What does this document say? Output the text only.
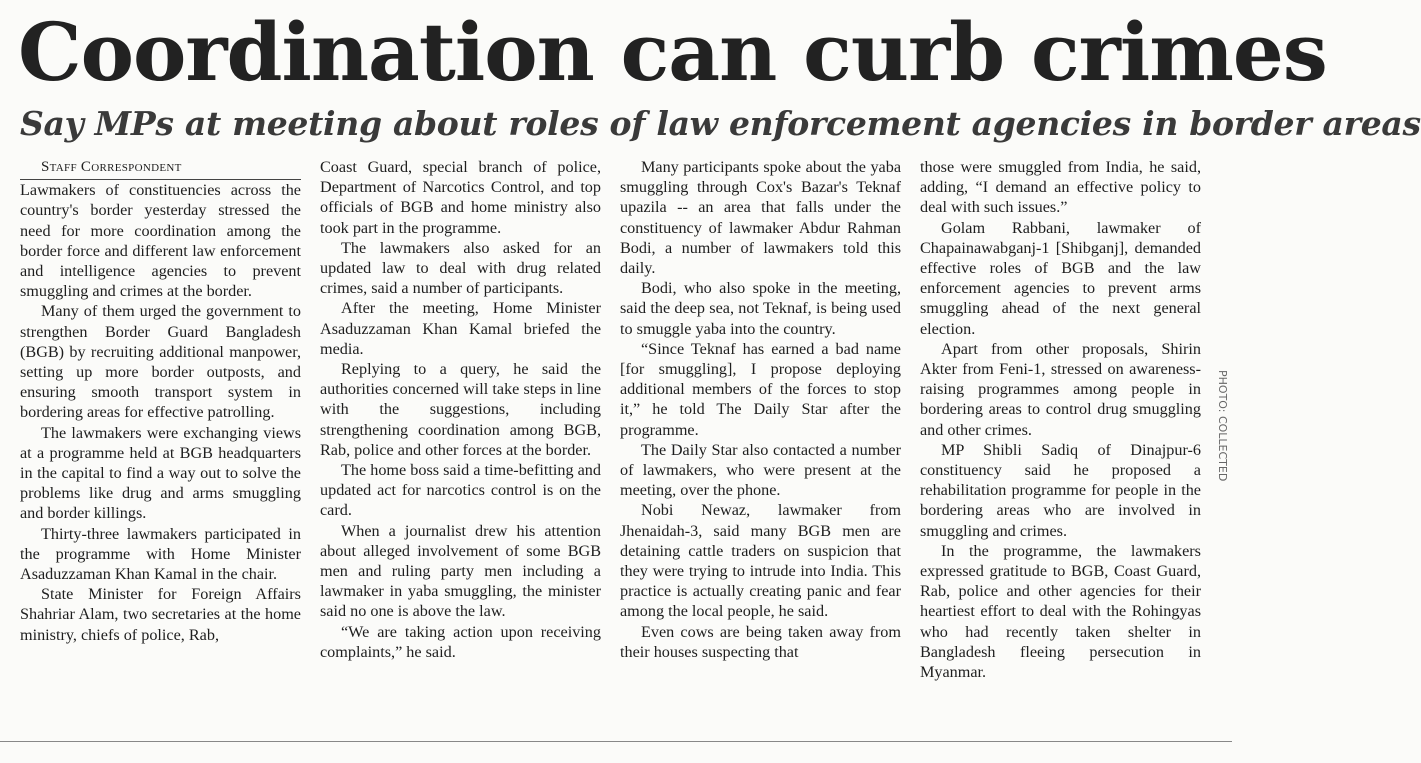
Coordination can curb crimes
Say MPs at meeting about roles of law enforcement agencies in border areas

Staff Correspondent

Lawmakers of constituencies across the country's border yesterday stressed the need for more coordination among the border force and different law enforcement and intelligence agencies to prevent smuggling and crimes at the border.

Many of them urged the government to strengthen Border Guard Bangladesh (BGB) by recruiting additional manpower, setting up more border outposts, and ensuring smooth transport system in bordering areas for effective patrolling.

The lawmakers were exchanging views at a programme held at BGB headquarters in the capital to find a way out to solve the problems like drug and arms smuggling and border killings.

Thirty-three lawmakers participated in the programme with Home Minister Asaduzzaman Khan Kamal in the chair.

State Minister for Foreign Affairs Shahriar Alam, two secretaries at the home ministry, chiefs of police, Rab,

Coast Guard, special branch of police, Department of Narcotics Control, and top officials of BGB and home ministry also took part in the programme.

The lawmakers also asked for an updated law to deal with drug related crimes, said a number of participants.

After the meeting, Home Minister Asaduzzaman Khan Kamal briefed the media.

Replying to a query, he said the authorities concerned will take steps in line with the suggestions, including strengthening coordination among BGB, Rab, police and other forces at the border.

The home boss said a time-befitting and updated act for narcotics control is on the card.

When a journalist drew his attention about alleged involvement of some BGB men and ruling party men including a lawmaker in yaba smuggling, the minister said no one is above the law.

“We are taking action upon receiving complaints,” he said.

Many participants spoke about the yaba smuggling through Cox's Bazar's Teknaf upazila -- an area that falls under the constituency of lawmaker Abdur Rahman Bodi, a number of lawmakers told this daily.

Bodi, who also spoke in the meeting, said the deep sea, not Teknaf, is being used to smuggle yaba into the country.

“Since Teknaf has earned a bad name [for smuggling], I propose deploying additional members of the forces to stop it,” he told The Daily Star after the programme.

The Daily Star also contacted a number of lawmakers, who were present at the meeting, over the phone.

Nobi Newaz, lawmaker from Jhenaidah-3, said many BGB men are detaining cattle traders on suspicion that they were trying to intrude into India. This practice is actually creating panic and fear among the local people, he said.

Even cows are being taken away from their houses suspecting that

those were smuggled from India, he said, adding, “I demand an effective policy to deal with such issues.”

Golam Rabbani, lawmaker of Chapainawabganj-1 [Shibganj], demanded effective roles of BGB and the law enforcement agencies to prevent arms smuggling ahead of the next general election.

Apart from other proposals, Shirin Akter from Feni-1, stressed on awareness-raising programmes among people in bordering areas to control drug smuggling and other crimes.

MP Shibli Sadiq of Dinajpur-6 constituency said he proposed a rehabilitation programme for people in the bordering areas who are involved in smuggling and crimes.

In the programme, the lawmakers expressed gratitude to BGB, Coast Guard, Rab, police and other agencies for their heartiest effort to deal with the Rohingyas who had recently taken shelter in Bangladesh fleeing persecution in Myanmar.

PHOTO: COLLECTED
